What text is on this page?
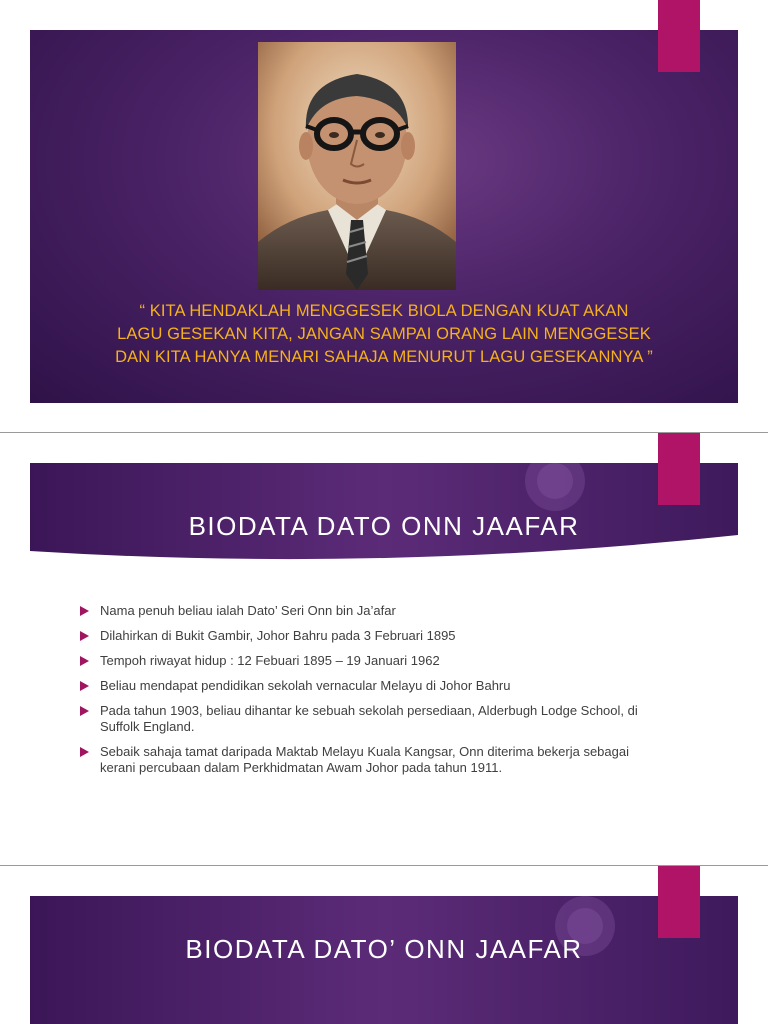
“ KITA HENDAKLAH MENGGESEK BIOLA DENGAN KUAT AKAN
LAGU GESEKAN KITA, JANGAN SAMPAI ORANG LAIN MENGGESEK
DAN KITA HANYA MENARI SAHAJA MENURUT LAGU GESEKANNYA ”
BIODATA DATO ONN JAAFAR
Nama penuh beliau ialah Dato’ Seri Onn bin Ja’afar
Dilahirkan di Bukit Gambir, Johor Bahru pada 3 Februari 1895
Tempoh riwayat hidup : 12 Febuari 1895 – 19 Januari 1962
Beliau mendapat pendidikan sekolah vernacular Melayu di Johor Bahru
Pada tahun 1903, beliau dihantar ke sebuah sekolah persediaan, Alderbugh Lodge School, di Suffolk England.
Sebaik sahaja tamat daripada Maktab Melayu Kuala Kangsar, Onn diterima bekerja sebagai kerani percubaan dalam Perkhidmatan Awam Johor pada tahun 1911.
BIODATA DATO’ ONN JAAFAR
